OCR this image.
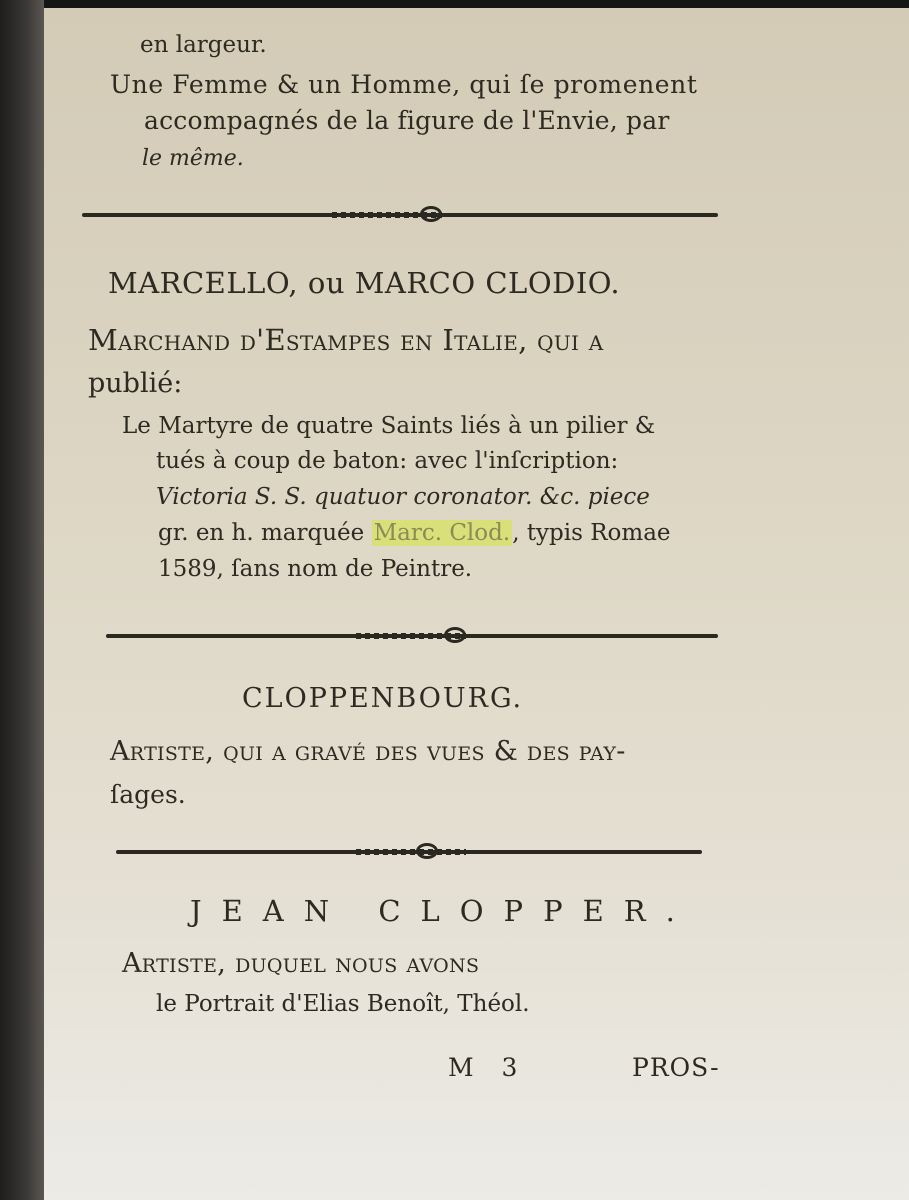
en largeur.
Une Femme & un Homme, qui ſe promenent
accompagnés de la figure de l'Envie, par
le même.
MARCELLO, ou MARCO CLODIO.
Marchand d'Estampes en Italie, qui a
publié:
Le Martyre de quatre Saints liés à un pilier &
tués à coup de baton: avec l'inſcription:
Victoria S. S. quatuor coronator. &c. piece
gr. en h. marquée Marc. Clod., typis Romae
1589, ſans nom de Peintre.
CLOPPENBOURG.
Artiste, qui a gravé des vues & des pay-
ſages.
JEAN CLOPPER.
Artiste, duquel nous avons
le Portrait d'Elias Benoît, Théol.
M 3	PROS-
